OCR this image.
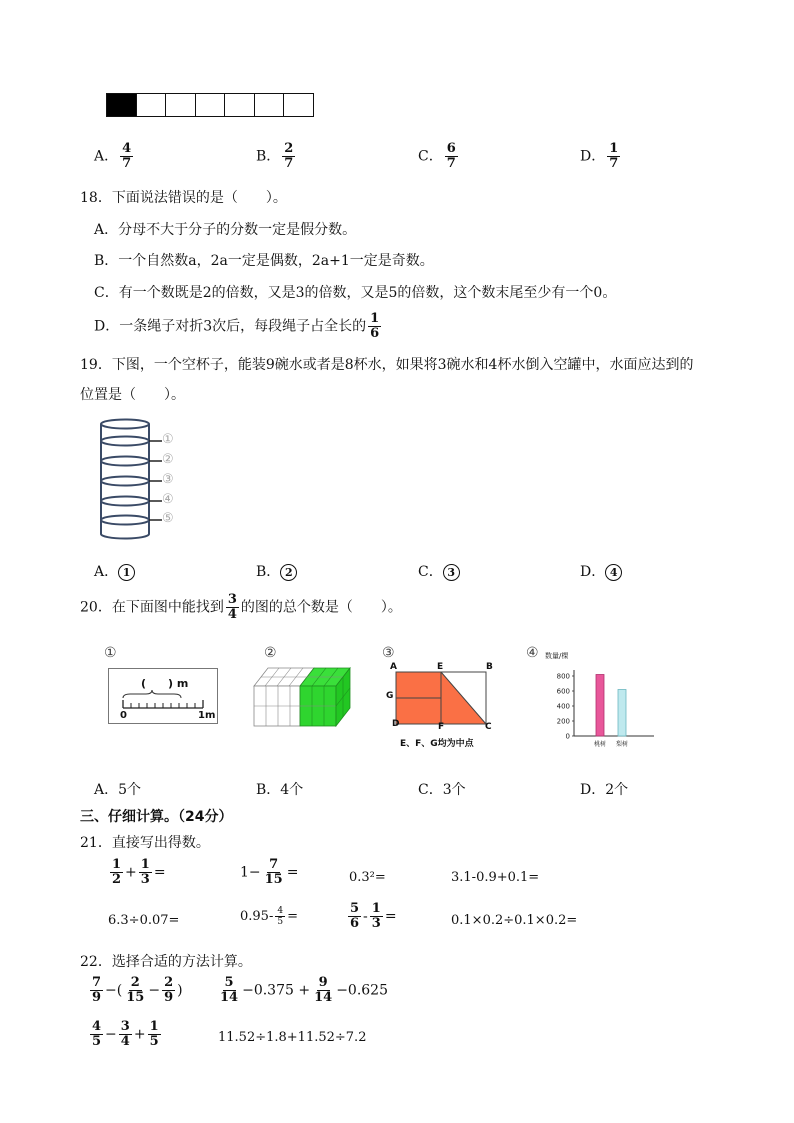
A． $\frac{4}{7}$	B． $\frac{2}{7}$	C． $\frac{6}{7}$	D． $\frac{1}{7}$
18．下面说法错误的是（　　）。
A．分母不大于分子的分数一定是假分数。
B．一个自然数a，2a一定是偶数，2a+1一定是奇数。
C．有一个数既是2的倍数，又是3的倍数，又是5的倍数，这个数末尾至少有一个0。
D．一条绳子对折3次后，每段绳子占全长的 $\frac{1}{6}$
19．下图，一个空杯子，能装9碗水或者是8杯水，如果将3碗水和4杯水倒入空罐中，水面应达到的
位置是（　　）。
①
②
③
④
⑤
A． 1	B． 2	C． 3	D． 4
20．在下面图中能找到 $\frac{3}{4}$ 的图的总个数是（　　）。
①	②	③	④
(　　) m
0	1m
A	E	B
G
D	F	C
E、F、G均为中点
数量/棵
800
600
400
200
0
桃树 梨树
A．5个	B．4个	C．3个	D．2个
三、仔细计算。（24分）
21．直接写出得数。
$\frac{1}{2} + \frac{1}{3}$ =	$1- \frac{7}{15}$ =	0.3²=	3.1-0.9+0.1=
6.3÷0.07=	$0.95- \frac{4}{5}$ =	$\frac{5}{6} - \frac{1}{3}$ =	0.1×0.2÷0.1×0.2=
22．选择合适的方法计算。
$\frac{7}{9}$ −( $\frac{2}{15} - \frac{2}{9}$ )	$\frac{5}{14} -0.375 + \frac{9}{14} -0.625$
$\frac{4}{5} - \frac{3}{4} + \frac{1}{5}$	11.52÷1.8+11.52÷7.2
